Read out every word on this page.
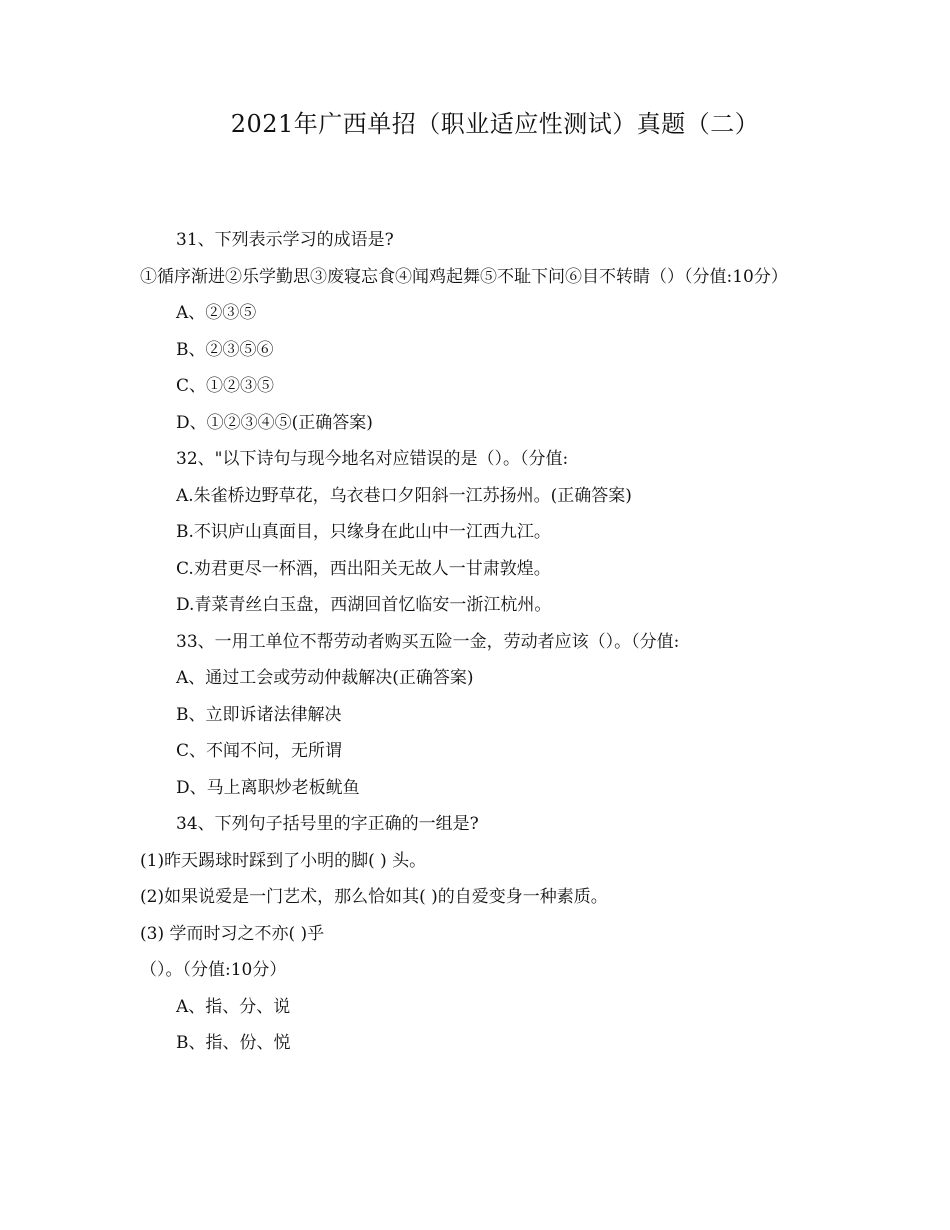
2021年广西单招（职业适应性测试）真题（二）
31、下列表示学习的成语是?
①循序渐进②乐学勤思③废寝忘食④闻鸡起舞⑤不耻下问⑥目不转睛（）（分值:10分）
A、②③⑤
B、②③⑤⑥
C、①②③⑤
D、①②③④⑤(正确答案)
32、"以下诗句与现今地名对应错误的是（）。（分值:
A.朱雀桥边野草花，乌衣巷口夕阳斜一江苏扬州。(正确答案)
B.不识庐山真面目，只缘身在此山中一江西九江。
C.劝君更尽一杯酒，西出阳关无故人一甘肃敦煌。
D.青菜青丝白玉盘，西湖回首忆临安一浙江杭州。
33、一用工单位不帮劳动者购买五险一金，劳动者应该（）。（分值:
A、通过工会或劳动仲裁解决(正确答案)
B、立即诉诸法律解决
C、不闻不问，无所谓
D、马上离职炒老板鱿鱼
34、下列句子括号里的字正确的一组是?
(1)昨天踢球时踩到了小明的脚( ) 头。
(2)如果说爱是一门艺术，那么恰如其( )的自爱变身一种素质。
(3) 学而时习之不亦( )乎
（）。（分值:10分）
A、指、分、说
B、指、份、悦
